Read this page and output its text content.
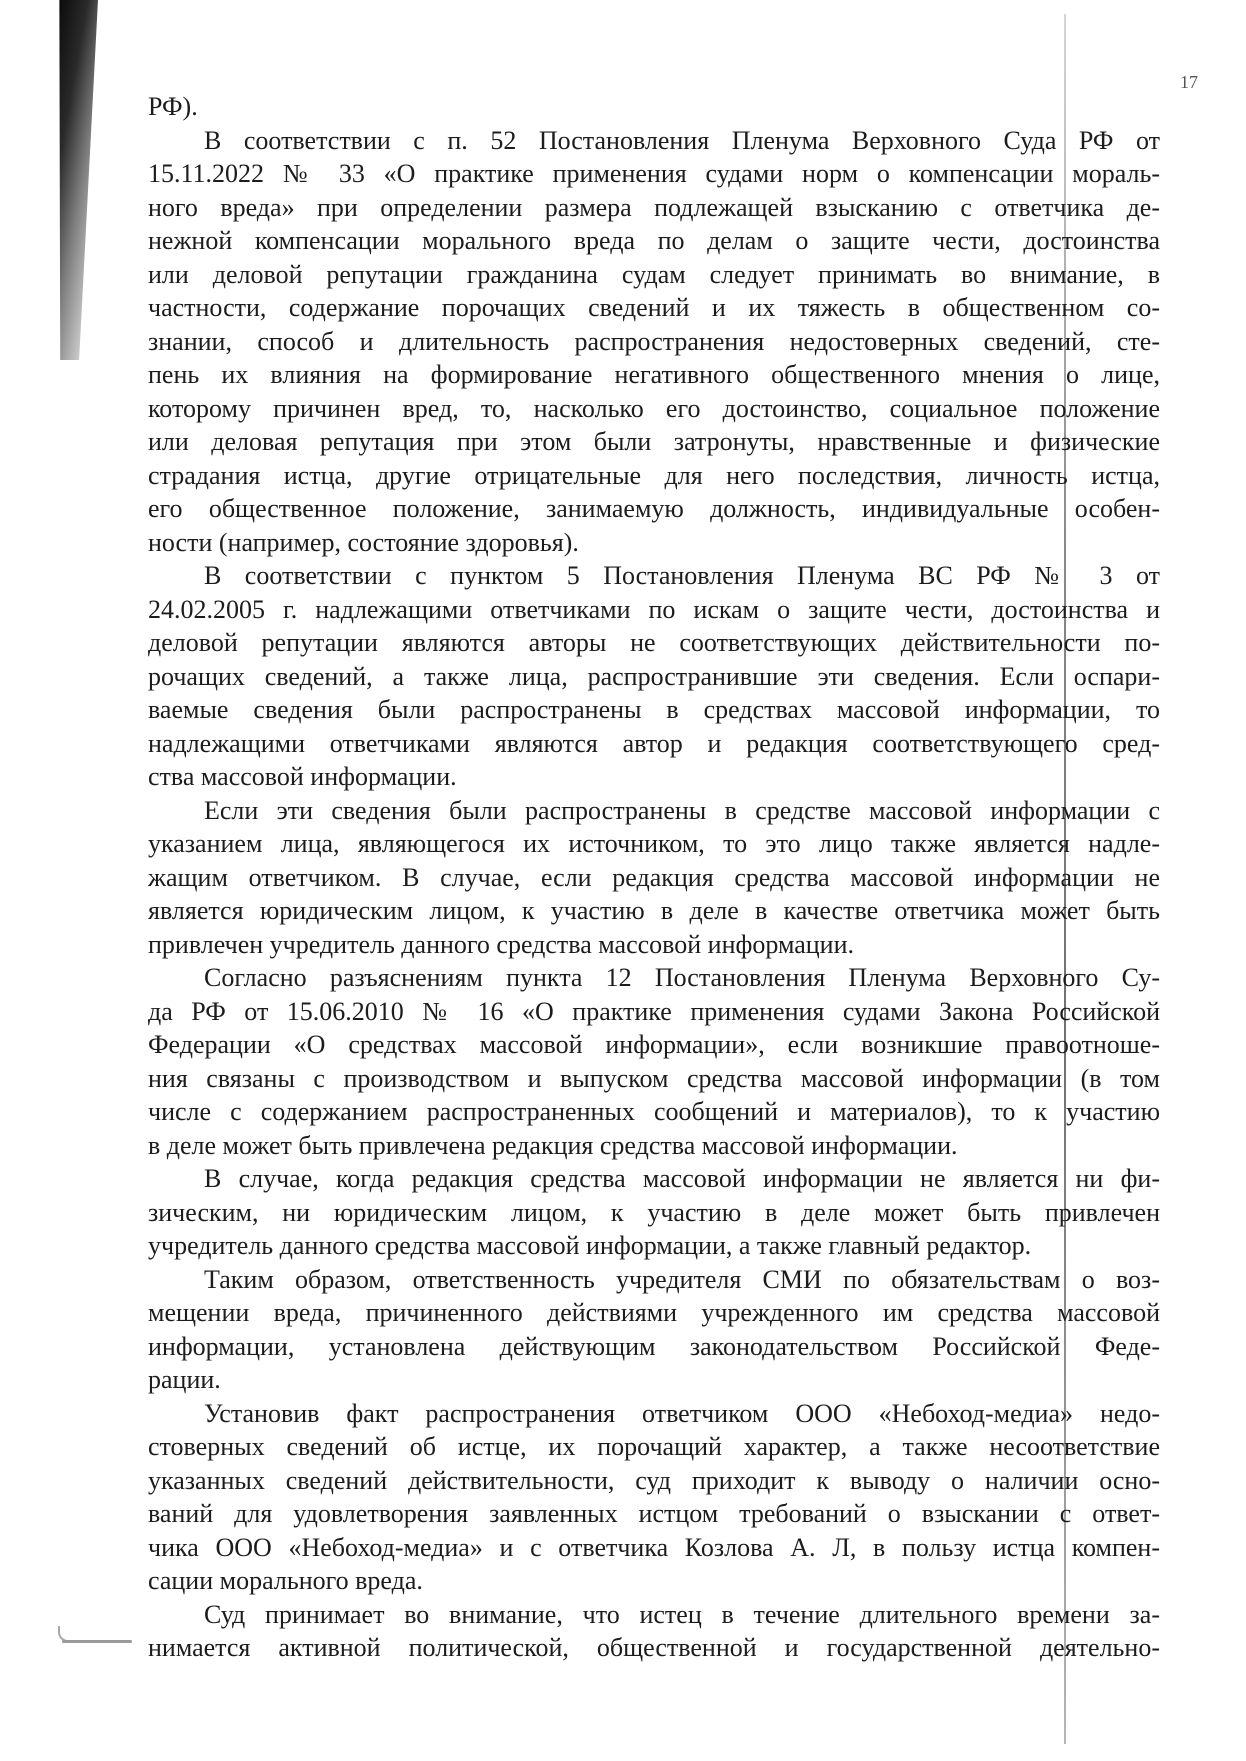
17
РФ).
В соответствии с п. 52 Постановления Пленума Верховного Суда РФ от
15.11.2022 № 33 «О практике применения судами норм о компенсации мораль-
ного вреда» при определении размера подлежащей взысканию с ответчика де-
нежной компенсации морального вреда по делам о защите чести, достоинства
или деловой репутации гражданина судам следует принимать во внимание, в
частности, содержание порочащих сведений и их тяжесть в общественном со-
знании, способ и длительность распространения недостоверных сведений, сте-
пень их влияния на формирование негативного общественного мнения о лице,
которому причинен вред, то, насколько его достоинство, социальное положение
или деловая репутация при этом были затронуты, нравственные и физические
страдания истца, другие отрицательные для него последствия, личность истца,
его общественное положение, занимаемую должность, индивидуальные особен-
ности (например, состояние здоровья).
В соответствии с пунктом 5 Постановления Пленума ВС РФ № 3 от
24.02.2005 г. надлежащими ответчиками по искам о защите чести, достоинства и
деловой репутации являются авторы не соответствующих действительности по-
рочащих сведений, а также лица, распространившие эти сведения. Если оспари-
ваемые сведения были распространены в средствах массовой информации, то
надлежащими ответчиками являются автор и редакция соответствующего сред-
ства массовой информации.
Если эти сведения были распространены в средстве массовой информации с
указанием лица, являющегося их источником, то это лицо также является надле-
жащим ответчиком. В случае, если редакция средства массовой информации не
является юридическим лицом, к участию в деле в качестве ответчика может быть
привлечен учредитель данного средства массовой информации.
Согласно разъяснениям пункта 12 Постановления Пленума Верховного Су-
да РФ от 15.06.2010 № 16 «О практике применения судами Закона Российской
Федерации «О средствах массовой информации», если возникшие правоотноше-
ния связаны с производством и выпуском средства массовой информации (в том
числе с содержанием распространенных сообщений и материалов), то к участию
в деле может быть привлечена редакция средства массовой информации.
В случае, когда редакция средства массовой информации не является ни фи-
зическим, ни юридическим лицом, к участию в деле может быть привлечен
учредитель данного средства массовой информации, а также главный редактор.
Таким образом, ответственность учредителя СМИ по обязательствам о воз-
мещении вреда, причиненного действиями учрежденного им средства массовой
информации, установлена действующим законодательством Российской Феде-
рации.
Установив факт распространения ответчиком ООО «Небоход-медиа» недо-
стоверных сведений об истце, их порочащий характер, а также несоответствие
указанных сведений действительности, суд приходит к выводу о наличии осно-
ваний для удовлетворения заявленных истцом требований о взыскании с ответ-
чика ООО «Небоход-медиа» и с ответчика Козлова А. Л, в пользу истца компен-
сации морального вреда.
Суд принимает во внимание, что истец в течение длительного времени за-
нимается активной политической, общественной и государственной деятельно-
